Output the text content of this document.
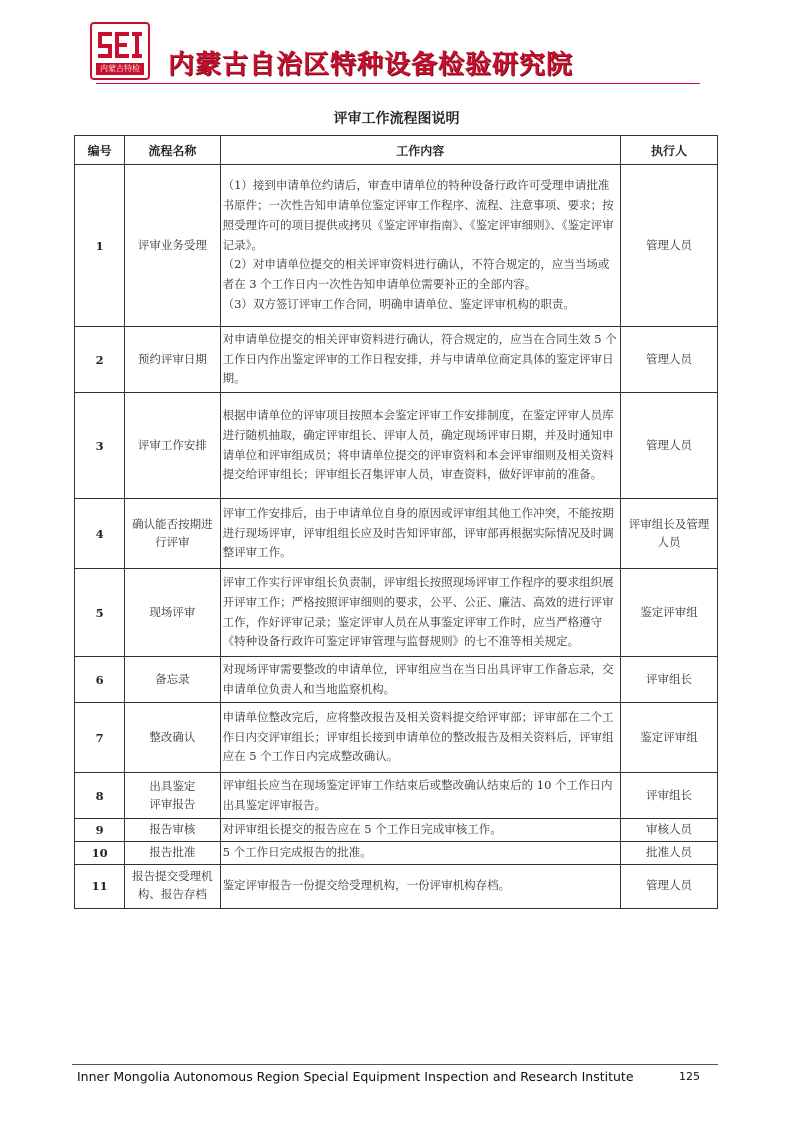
内蒙古特检 内蒙古自治区特种设备检验研究院
评审工作流程图说明
编号	流程名称	工作内容	执行人
1	评审业务受理	（1）接到申请单位约请后，审查申请单位的特种设备行政许可受理申请批准书原件；一次性告知申请单位鉴定评审工作程序、流程、注意事项、要求；按照受理许可的项目提供或拷贝《鉴定评审指南》、《鉴定评审细则》、《鉴定评审记录》。
（2）对申请单位提交的相关评审资料进行确认，不符合规定的，应当当场或者在 3 个工作日内一次性告知申请单位需要补正的全部内容。
（3）双方签订评审工作合同，明确申请单位、鉴定评审机构的职责。	管理人员

2	预约评审日期	对申请单位提交的相关评审资料进行确认，符合规定的，应当在合同生效 5 个工作日内作出鉴定评审的工作日程安排，并与申请单位商定具体的鉴定评审日期。	管理人员

3	评审工作安排	根据申请单位的评审项目按照本会鉴定评审工作安排制度，在鉴定评审人员库进行随机抽取，确定评审组长、评审人员，确定现场评审日期，并及时通知申请单位和评审组成员；将申请单位提交的评审资料和本会评审细则及相关资料提交给评审组长；评审组长召集评审人员，审查资料，做好评审前的准备。	管理人员

4	确认能否按期进
行评审	评审工作安排后，由于申请单位自身的原因或评审组其他工作冲突，不能按期进行现场评审，评审组组长应及时告知评审部，评审部再根据实际情况及时调整评审工作。	评审组长及管理
人员

5	现场评审	评审工作实行评审组长负责制，评审组长按照现场评审工作程序的要求组织展开评审工作；严格按照评审细则的要求，公平、公正、廉洁、高效的进行评审工作，作好评审记录；鉴定评审人员在从事鉴定评审工作时，应当严格遵守《特种设备行政许可鉴定评审管理与监督规则》的七不准等相关规定。	鉴定评审组

6	备忘录	对现场评审需要整改的申请单位，评审组应当在当日出具评审工作备忘录，交申请单位负责人和当地监察机构。	评审组长

7	整改确认	申请单位整改完后，应将整改报告及相关资料提交给评审部；评审部在二个工作日内交评审组长；评审组长接到申请单位的整改报告及相关资料后，评审组应在 5 个工作日内完成整改确认。	鉴定评审组

8	出具鉴定
评审报告	评审组长应当在现场鉴定评审工作结束后或整改确认结束后的 10 个工作日内出具鉴定评审报告。	评审组长

9	报告审核	对评审组长提交的报告应在 5 个工作日完成审核工作。	审核人员

10	报告批准	5 个工作日完成报告的批准。	批准人员

11	报告提交受理机
构、报告存档	鉴定评审报告一份提交给受理机构，一份评审机构存档。	管理人员
Inner Mongolia Autonomous Region Special Equipment Inspection and Research Institute	125
